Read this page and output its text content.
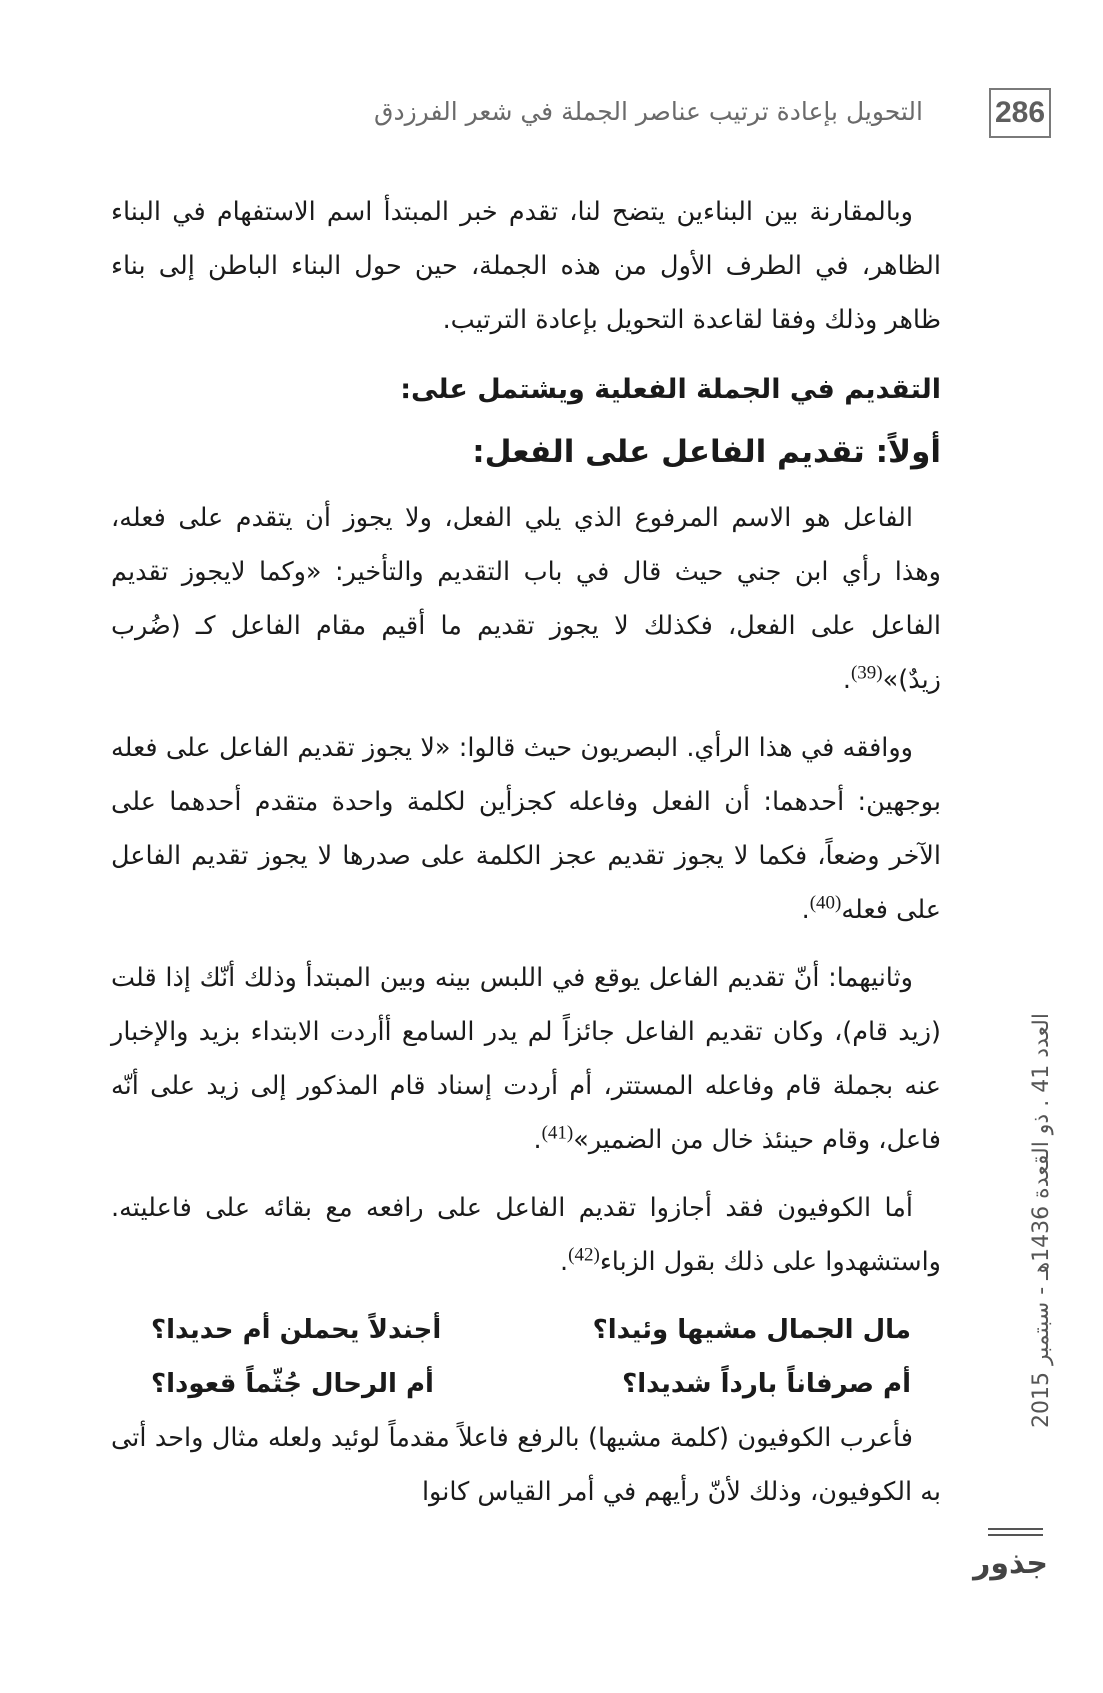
286
التحويل بإعادة ترتيب عناصر الجملة في شعر الفرزدق

وبالمقارنة بين البناءين يتضح لنا، تقدم خبر المبتدأ اسم الاستفهام في البناء الظاهر، في الطرف الأول من هذه الجملة، حين حول البناء الباطن إلى بناء ظاهر وذلك وفقا لقاعدة التحويل بإعادة الترتيب.

التقديم في الجملة الفعلية ويشتمل على:
أولاً: تقديم الفاعل على الفعل:

الفاعل هو الاسم المرفوع الذي يلي الفعل، ولا يجوز أن يتقدم على فعله، وهذا رأي ابن جني حيث قال في باب التقديم والتأخير: «وكما لايجوز تقديم الفاعل على الفعل، فكذلك لا يجوز تقديم ما أقيم مقام الفاعل كـ (ضُرب زيدٌ)»$^{(39)}$.

ووافقه في هذا الرأي. البصريون حيث قالوا: «لا يجوز تقديم الفاعل على فعله بوجهين: أحدهما: أن الفعل وفاعله كجزأين لكلمة واحدة متقدم أحدهما على الآخر وضعاً، فكما لا يجوز تقديم عجز الكلمة على صدرها لا يجوز تقديم الفاعل على فعله$^{(40)}$.

وثانيهما: أنّ تقديم الفاعل يوقع في اللبس بينه وبين المبتدأ وذلك أنّك إذا قلت (زيد قام)، وكان تقديم الفاعل جائزاً لم يدر السامع أأردت الابتداء بزيد والإخبار عنه بجملة قام وفاعله المستتر، أم أردت إسناد قام المذكور إلى زيد على أنّه فاعل، وقام حينئذ خال من الضمير»$^{(41)}$.

أما الكوفيون فقد أجازوا تقديم الفاعل على رافعه مع بقائه على فاعليته. واستشهدوا على ذلك بقول الزباء$^{(42)}$.

مال الجمال مشيها وئيدا؟
أجندلاً يحملن أم حديدا؟
أم صرفاناً بارداً شديدا؟
أم الرحال جُثّماً قعودا؟

فأعرب الكوفيون (كلمة مشيها) بالرفع فاعلاً مقدماً لوئيد ولعله مثال واحد أتى به الكوفيون، وذلك لأنّ رأيهم في أمر القياس كانوا

العدد 41 . ذو القعدة 1436هـ - سبتمبر 2015
جذور
